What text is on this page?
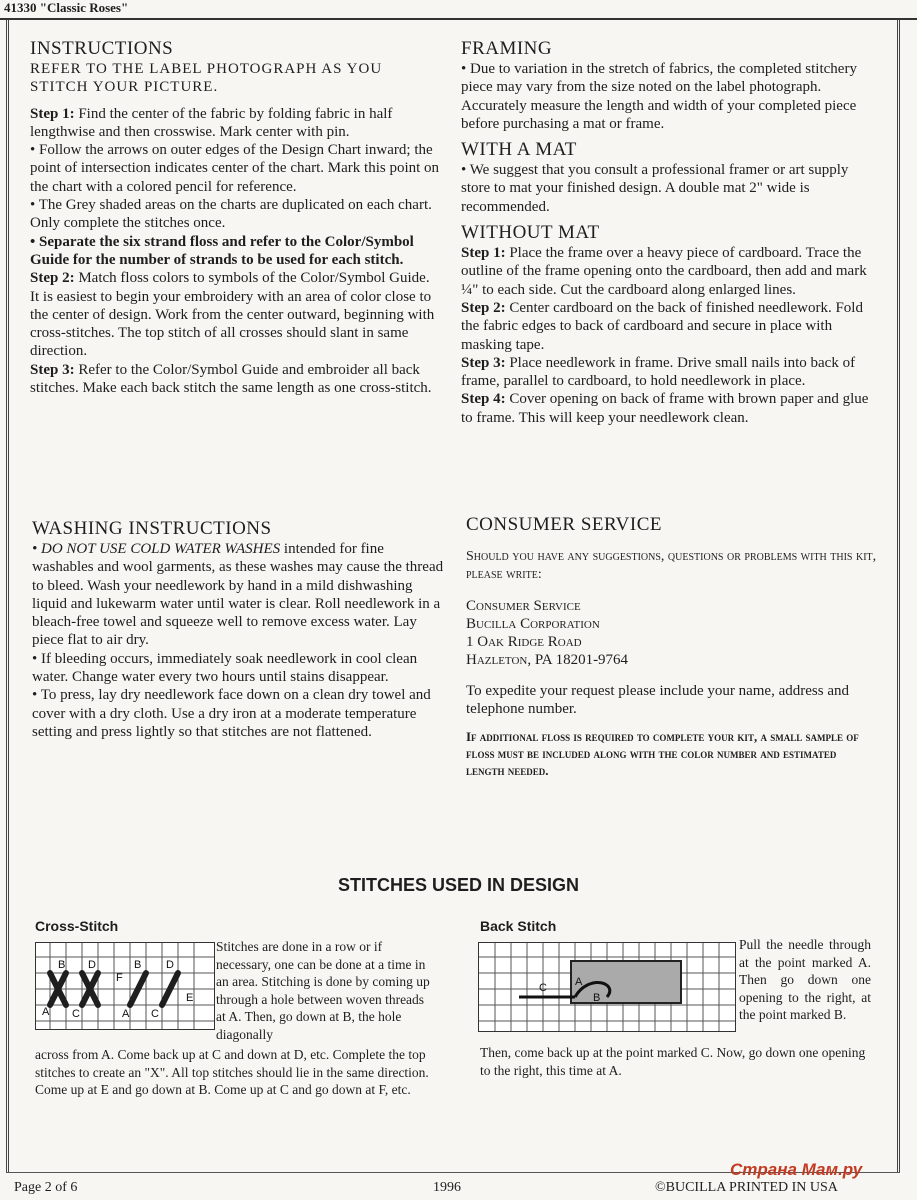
41330 "Classic Roses"
INSTRUCTIONS

REFER TO THE LABEL PHOTOGRAPH AS YOU STITCH YOUR PICTURE.

Step 1: Find the center of the fabric by folding fabric in half lengthwise and then crosswise. Mark center with pin.

• Follow the arrows on outer edges of the Design Chart inward; the point of intersection indicates center of the chart. Mark this point on the chart with a colored pencil for reference.

• The Grey shaded areas on the charts are duplicated on each chart. Only complete the stitches once.

• Separate the six strand floss and refer to the Color/Symbol Guide for the number of strands to be used for each stitch.

Step 2: Match floss colors to symbols of the Color/Symbol Guide. It is easiest to begin your embroidery with an area of color close to the center of design. Work from the center outward, beginning with cross-stitches. The top stitch of all crosses should slant in same direction.

Step 3: Refer to the Color/Symbol Guide and embroider all back stitches. Make each back stitch the same length as one cross-stitch.

WASHING INSTRUCTIONS

• DO NOT USE COLD WATER WASHES intended for fine washables and wool garments, as these washes may cause the thread to bleed. Wash your needlework by hand in a mild dishwashing liquid and lukewarm water until water is clear. Roll needlework in a bleach-free towel and squeeze well to remove excess water. Lay piece flat to air dry.

• If bleeding occurs, immediately soak needlework in cool clean water. Change water every two hours until stains disappear.

• To press, lay dry needlework face down on a clean dry towel and cover with a dry cloth. Use a dry iron at a moderate temperature setting and press lightly so that stitches are not flattened.

FRAMING

• Due to variation in the stretch of fabrics, the completed stitchery piece may vary from the size noted on the label photograph. Accurately measure the length and width of your completed piece before purchasing a mat or frame.

WITH A MAT

• We suggest that you consult a professional framer or art supply store to mat your finished design. A double mat 2" wide is recommended.

WITHOUT MAT

Step 1: Place the frame over a heavy piece of cardboard. Trace the outline of the frame opening onto the cardboard, then add and mark ¼" to each side. Cut the cardboard along enlarged lines.

Step 2: Center cardboard on the back of finished needlework. Fold the fabric edges to back of cardboard and secure in place with masking tape.

Step 3: Place needlework in frame. Drive small nails into back of frame, parallel to cardboard, to hold needlework in place.

Step 4: Cover opening on back of frame with brown paper and glue to frame. This will keep your needlework clean.

CONSUMER SERVICE

Should you have any suggestions, questions or problems with this kit, please write:

Consumer Service

Bucilla Corporation

1 Oak Ridge Road

Hazleton, PA 18201-9764

To expedite your request please include your name, address and telephone number.

If additional floss is required to complete your kit, a small sample of floss must be included along with the color number and estimated length needed.

STITCHES USED IN DESIGN
Cross-Stitch
B D
F
B D
A C	A C
E

Stitches are done in a row or if necessary, one can be done at a time in an area. Stitching is done by coming up through a hole between woven threads at A. Then, go down at B, the hole diagonally

across from A. Come back up at C and down at D, etc. Complete the top stitches to create an "X". All top stitches should lie in the same direction. Come up at E and go down at B. Come up at C and go down at F, etc.

Back Stitch
C	A
B

Pull the needle through at the point marked A. Then go down one opening to the right, at the point marked B.

Then, come back up at the point marked C. Now, go down one opening to the right, this time at A.

Page 2 of 6	1996	©BUCILLA PRINTED IN USA
Страна Мам.ру
